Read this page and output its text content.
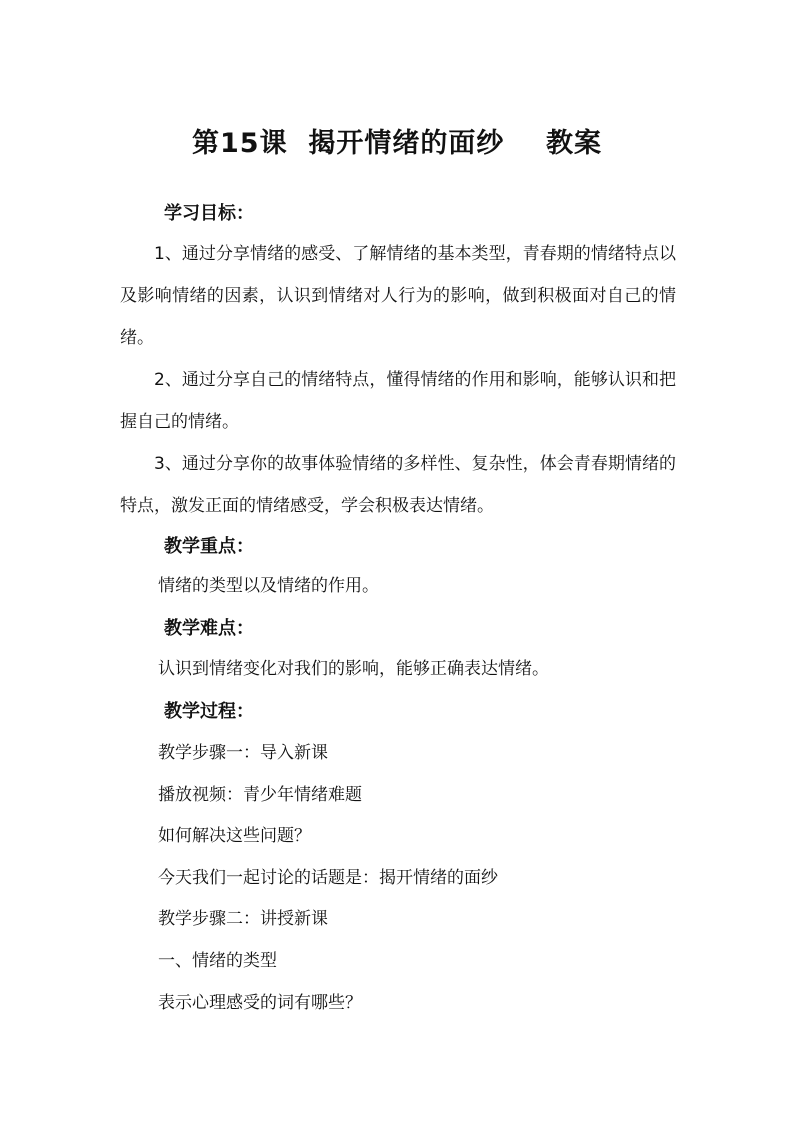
第15课  揭开情绪的面纱    教案
学习目标：

1、通过分享情绪的感受、了解情绪的基本类型，青春期的情绪特点以及影响情绪的因素，认识到情绪对人行为的影响，做到积极面对自己的情绪。

2、通过分享自己的情绪特点，懂得情绪的作用和影响，能够认识和把握自己的情绪。

3、通过分享你的故事体验情绪的多样性、复杂性，体会青春期情绪的特点，激发正面的情绪感受，学会积极表达情绪。

教学重点：

情绪的类型以及情绪的作用。

教学难点：

认识到情绪变化对我们的影响，能够正确表达情绪。

教学过程：

教学步骤一：导入新课

播放视频：青少年情绪难题

如何解决这些问题？

今天我们一起讨论的话题是：揭开情绪的面纱

教学步骤二：讲授新课

一、情绪的类型

表示心理感受的词有哪些？
